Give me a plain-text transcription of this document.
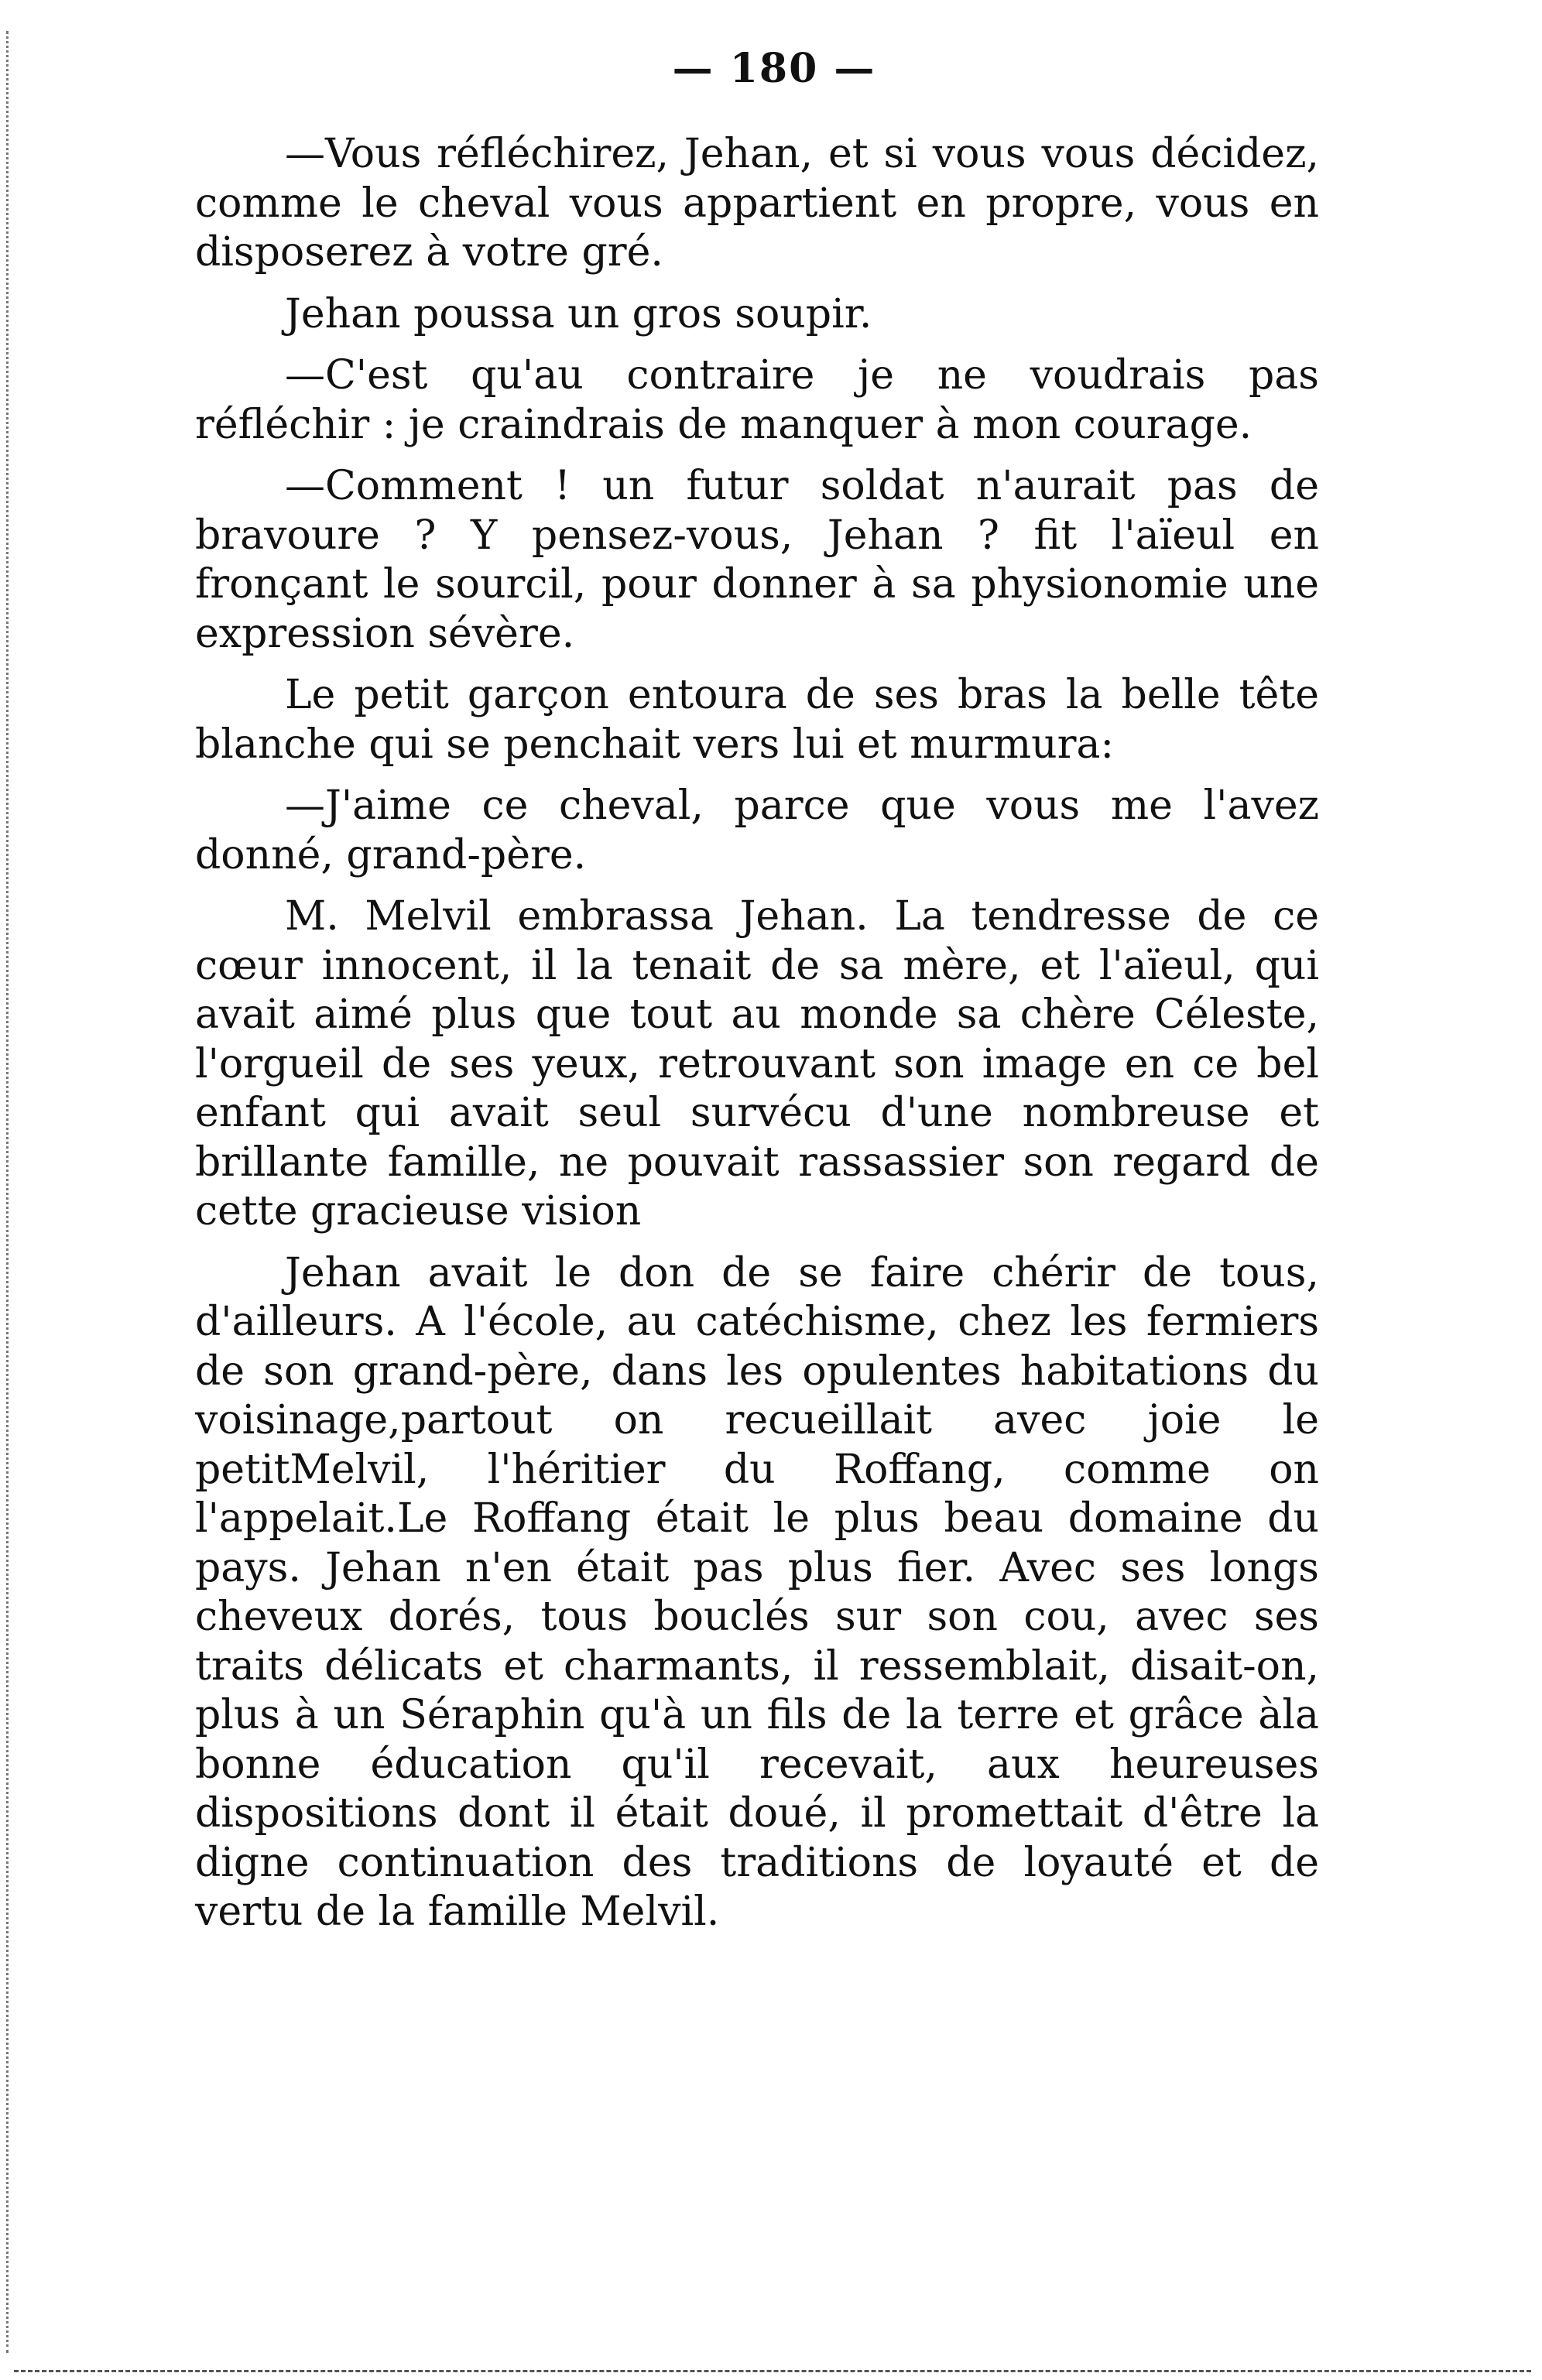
— 180 —

—Vous réfléchirez, Jehan, et si vous vous décidez, comme le cheval vous appartient en propre, vous en disposerez à votre gré.

Jehan poussa un gros soupir.

—C'est qu'au contraire je ne voudrais pas réfléchir : je craindrais de manquer à mon courage.

—Comment ! un futur soldat n'aurait pas de bravoure ? Y pensez-vous, Jehan ? fit l'aïeul en fronçant le sourcil, pour donner à sa physionomie une expression sévère.

Le petit garçon entoura de ses bras la belle tête blanche qui se penchait vers lui et murmura:

—J'aime ce cheval, parce que vous me l'avez donné, grand-père.

M. Melvil embrassa Jehan. La tendresse de ce cœur innocent, il la tenait de sa mère, et l'aïeul, qui avait aimé plus que tout au monde sa chère Céleste, l'orgueil de ses yeux, retrouvant son image en ce bel enfant qui avait seul survécu d'une nombreuse et brillante famille, ne pouvait rassassier son regard de cette gracieuse vision

Jehan avait le don de se faire chérir de tous, d'ailleurs. A l'école, au catéchisme, chez les fermiers de son grand-père, dans les opulentes habitations du voisinage,partout on recueillait avec joie le petitMelvil, l'héritier du Roffang, comme on l'appelait.Le Roffang était le plus beau domaine du pays. Jehan n'en était pas plus fier. Avec ses longs cheveux dorés, tous bouclés sur son cou, avec ses traits délicats et charmants, il ressemblait, disait-on, plus à un Séraphin qu'à un fils de la terre et grâce àla bonne éducation qu'il recevait, aux heureuses dispositions dont il était doué, il promettait d'être la digne continuation des traditions de loyauté et de vertu de la famille Melvil.
